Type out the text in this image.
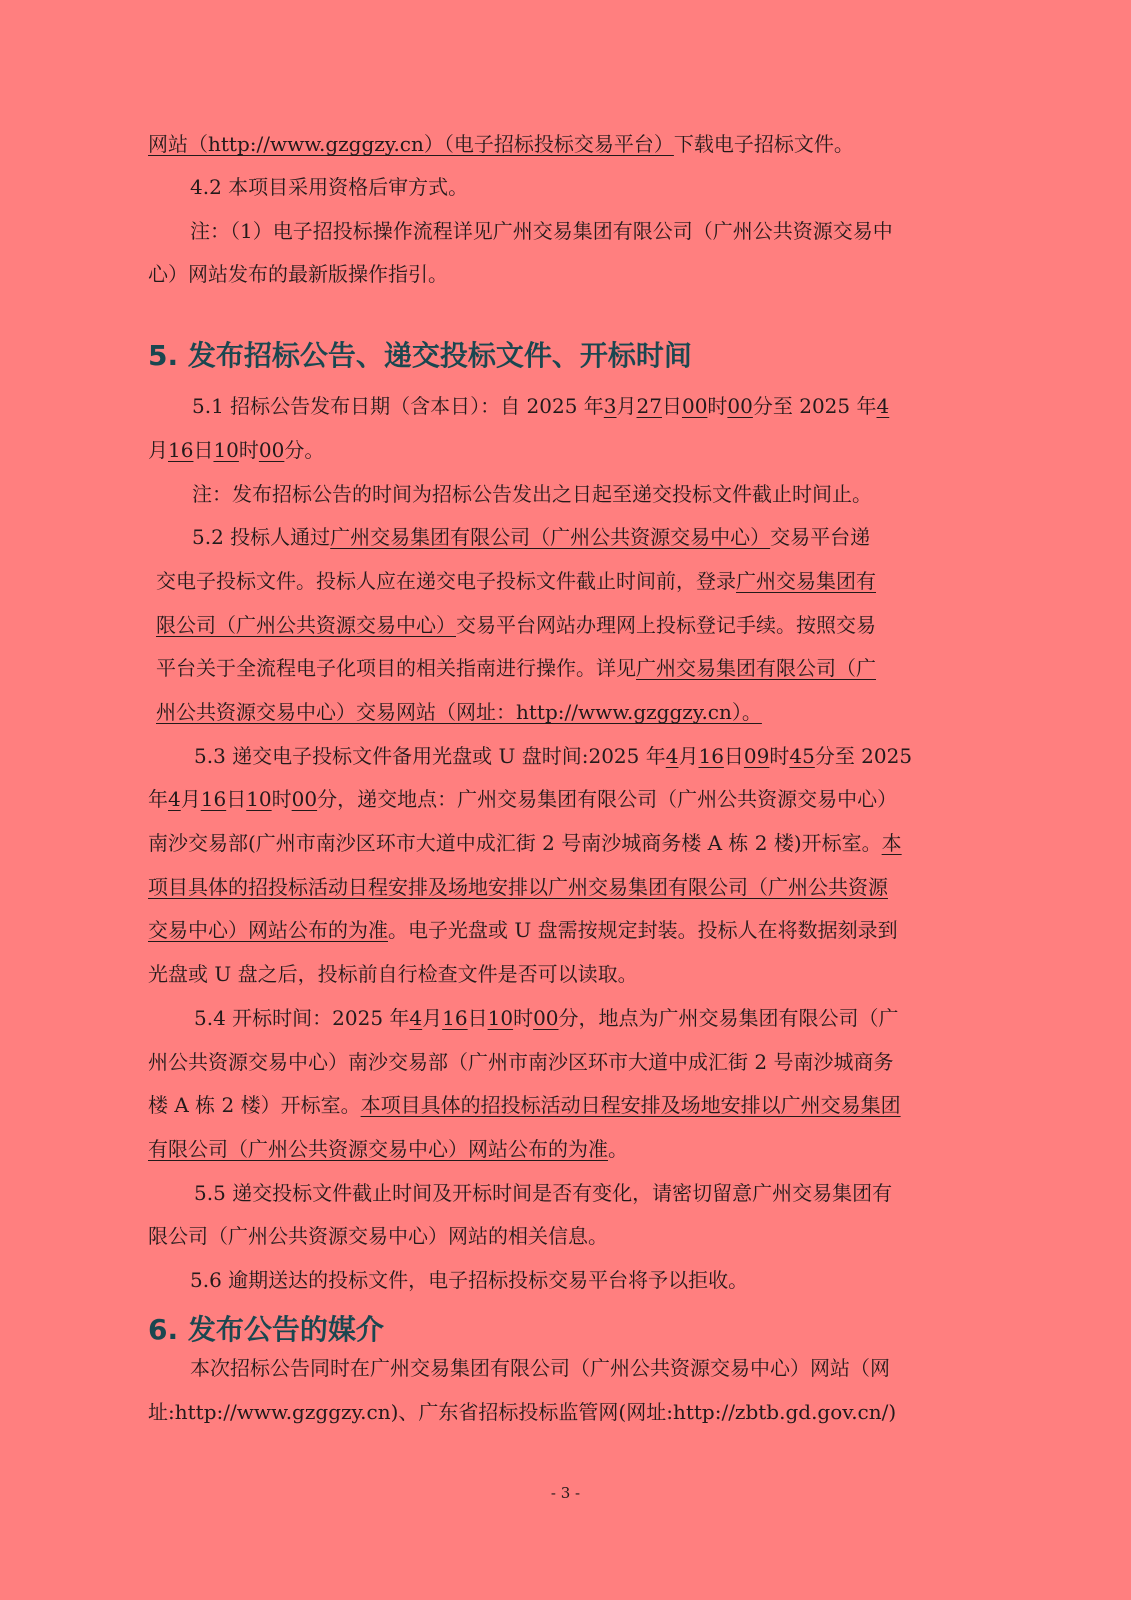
网站（http://www.gzggzy.cn）（电子招标投标交易平台）下载电子招标文件。
4.2 本项目采用资格后审方式。
注：（1）电子招投标操作流程详见广州交易集团有限公司（广州公共资源交易中
心）网站发布的最新版操作指引。
5. 发布招标公告、递交投标文件、开标时间
5.1 招标公告发布日期（含本日）：自 2025 年3月27日00时00分至 2025 年4
月16日10时00分。
注：发布招标公告的时间为招标公告发出之日起至递交投标文件截止时间止。
5.2 投标人通过广州交易集团有限公司（广州公共资源交易中心）交易平台递
交电子投标文件。投标人应在递交电子投标文件截止时间前，登录广州交易集团有
限公司（广州公共资源交易中心）交易平台网站办理网上投标登记手续。按照交易
平台关于全流程电子化项目的相关指南进行操作。详见广州交易集团有限公司（广
州公共资源交易中心）交易网站（网址：http://www.gzggzy.cn）。
5.3 递交电子投标文件备用光盘或 U 盘时间:2025 年4月16日09时45分至 2025
年4月16日10时00分，递交地点：广州交易集团有限公司（广州公共资源交易中心）
南沙交易部(广州市南沙区环市大道中成汇街 2 号南沙城商务楼 A 栋 2 楼)开标室。本
项目具体的招投标活动日程安排及场地安排以广州交易集团有限公司（广州公共资源
交易中心）网站公布的为准。电子光盘或 U 盘需按规定封装。投标人在将数据刻录到
光盘或 U 盘之后，投标前自行检查文件是否可以读取。
5.4 开标时间：2025 年4月16日10时00分，地点为广州交易集团有限公司（广
州公共资源交易中心）南沙交易部（广州市南沙区环市大道中成汇街 2 号南沙城商务
楼 A 栋 2 楼）开标室。本项目具体的招投标活动日程安排及场地安排以广州交易集团
有限公司（广州公共资源交易中心）网站公布的为准。
5.5 递交投标文件截止时间及开标时间是否有变化，请密切留意广州交易集团有
限公司（广州公共资源交易中心）网站的相关信息。
5.6 逾期送达的投标文件，电子招标投标交易平台将予以拒收。
6. 发布公告的媒介
本次招标公告同时在广州交易集团有限公司（广州公共资源交易中心）网站（网
址:http://www.gzggzy.cn)、广东省招标投标监管网(网址:http://zbtb.gd.gov.cn/)
- 3 -
